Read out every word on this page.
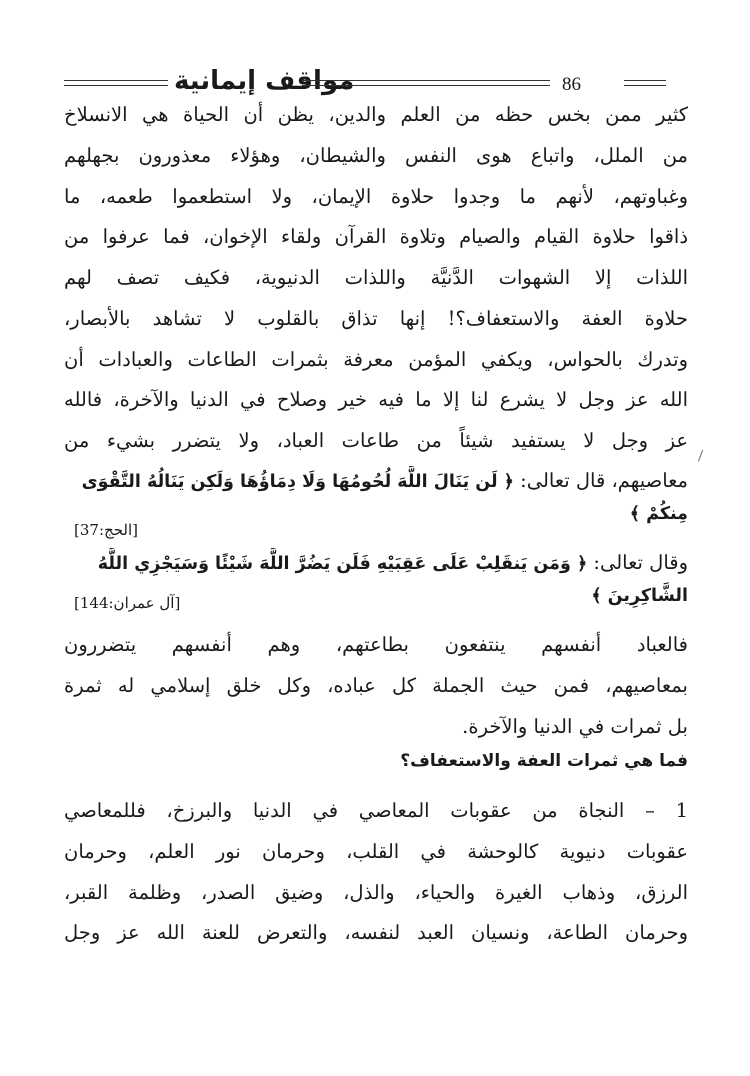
مواقف إيمانية	86
كثير ممن بخس حظه من العلم والدين، يظن أن الحياة هي الانسلاخ
من الملل، واتباع هوى النفس والشيطان، وهؤلاء معذورون بجهلهم
وغباوتهم، لأنهم ما وجدوا حلاوة الإيمان، ولا استطعموا طعمه، ما
ذاقوا حلاوة القيام والصيام وتلاوة القرآن ولقاء الإخوان، فما عرفوا من
اللذات إلا الشهوات الدَّنيَّة واللذات الدنيوية، فكيف تصف لهم
حلاوة العفة والاستعفاف؟! إنها تذاق بالقلوب لا تشاهد بالأبصار،
وتدرك بالحواس، ويكفي المؤمن معرفة بثمرات الطاعات والعبادات أن
الله عز وجل لا يشرع لنا إلا ما فيه خير وصلاح في الدنيا والآخرة، فالله
عز وجل لا يستفيد شيئاً من طاعات العباد، ولا يتضرر بشيء من
معاصيهم، قال تعالى: ﴿ لَن يَنَالَ اللَّهَ لُحُومُهَا وَلَا دِمَاؤُهَا وَلَكِن يَنَالُهُ التَّقْوَى
مِنكُمْ ﴾
[الحج:37]
وقال تعالى: ﴿ وَمَن يَنقَلِبْ عَلَى عَقِبَيْهِ فَلَن يَضُرَّ اللَّهَ شَيْئًا وَسَيَجْزِي اللَّهُ
الشَّاكِرِينَ ﴾
[آل عمران:144]
فالعباد أنفسهم ينتفعون بطاعتهم، وهم أنفسهم يتضررون
بمعاصيهم، فمن حيث الجملة كل عباده، وكل خلق إسلامي له ثمرة
بل ثمرات في الدنيا والآخرة.
فما هي ثمرات العفة والاستعفاف؟
1 – النجاة من عقوبات المعاصي في الدنيا والبرزخ، فللمعاصي
عقوبات دنيوية كالوحشة في القلب، وحرمان نور العلم، وحرمان
الرزق، وذهاب الغيرة والحياء، والذل، وضيق الصدر، وظلمة القبر،
وحرمان الطاعة، ونسيان العبد لنفسه، والتعرض للعنة الله عز وجل
